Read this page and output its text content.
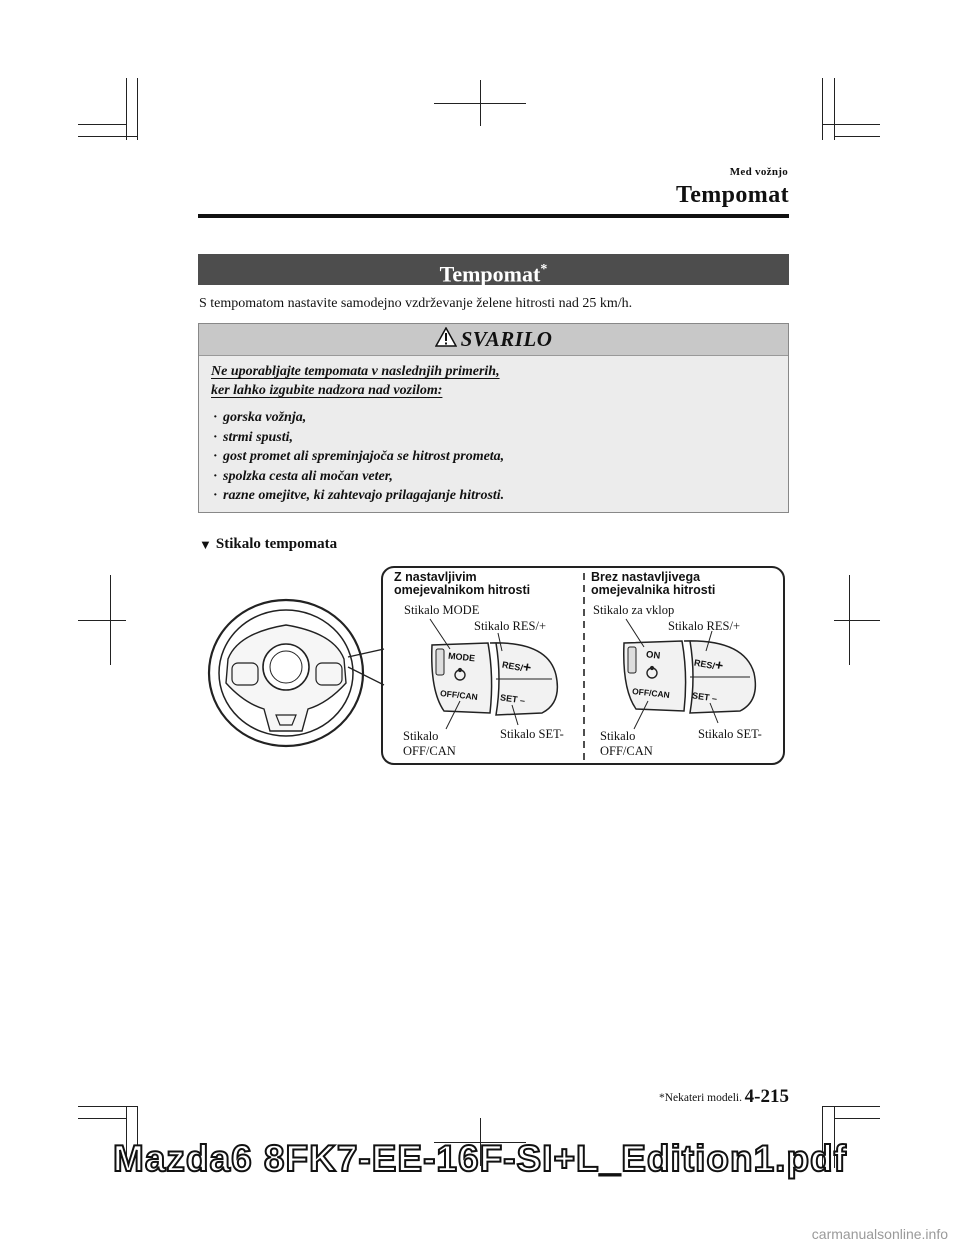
Med vožnjo
Tempomat
Tempomat*
S tempomatom nastavite samodejno vzdrževanje želene hitrosti nad 25 km/h.
SVARILO
Ne uporabljajte tempomata v naslednjih primerih,
ker lahko izgubite nadzora nad vozilom:
· gorska vožnja,
· strmi spusti,
· gost promet ali spreminjajoča se hitrost prometa,
· spolzka cesta ali močan veter,
· razne omejitve, ki zahtevajo prilagajanje hitrosti.
▼ Stikalo tempomata
Z nastavljivim
omejevalnikom hitrosti
Stikalo MODE
Stikalo RES/+
Stikalo
OFF/CAN
Stikalo SET-
MODE
OFF/CAN
RES/+
SET –
Brez nastavljivega
omejevalnika hitrosti
Stikalo za vklop
Stikalo RES/+
Stikalo
OFF/CAN
Stikalo SET-
ON
OFF/CAN
RES/+
SET –
*Nekateri modeli. 4-215
Mazda6 8FK7-EE-16F-SI+L_Edition1.pdf
carmanualsonline.info
